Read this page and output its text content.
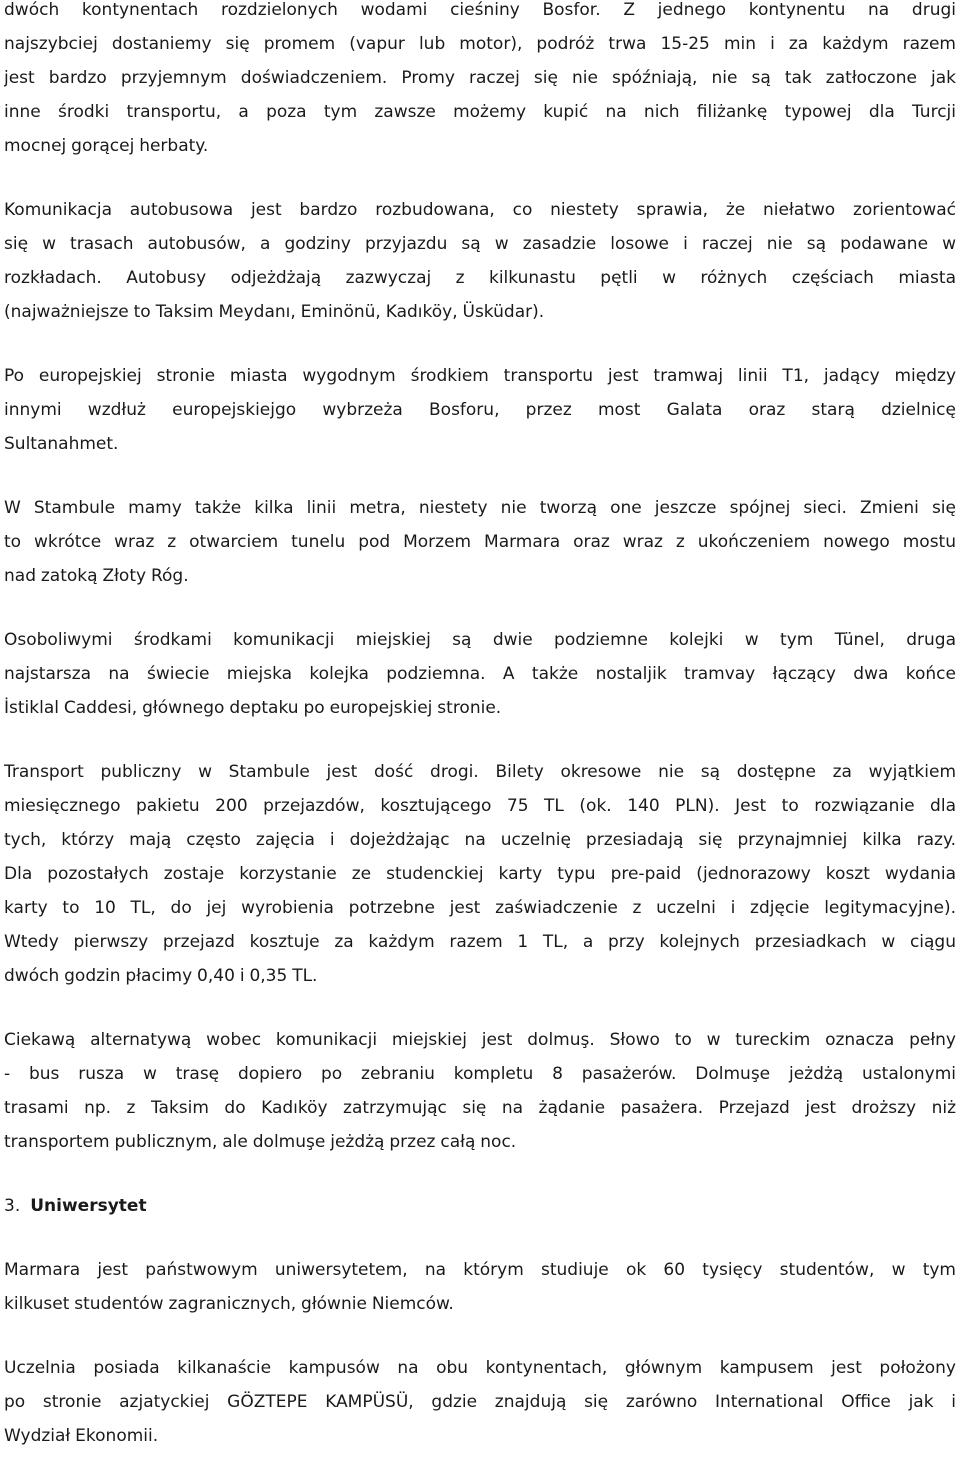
dwóch kontynentach rozdzielonych wodami cieśniny Bosfor. Z jednego kontynentu na drugi
najszybciej dostaniemy się promem (vapur lub motor), podróż trwa 15-25 min i za każdym razem
jest bardzo przyjemnym doświadczeniem. Promy raczej się nie spóźniają, nie są tak zatłoczone jak
inne środki transportu, a poza tym zawsze możemy kupić na nich filiżankę typowej dla Turcji
mocnej gorącej herbaty.

Komunikacja autobusowa jest bardzo rozbudowana, co niestety sprawia, że niełatwo zorientować
się w trasach autobusów, a godziny przyjazdu są w zasadzie losowe i raczej nie są podawane w
rozkładach. Autobusy odjeżdżają zazwyczaj z kilkunastu pętli w różnych częściach miasta
(najważniejsze to Taksim Meydanı, Eminönü, Kadıköy, Üsküdar).

Po europejskiej stronie miasta wygodnym środkiem transportu jest tramwaj linii T1, jadący między
innymi wzdłuż europejskiejgo wybrzeża Bosforu, przez most Galata oraz starą dzielnicę
Sultanahmet.

W Stambule mamy także kilka linii metra, niestety nie tworzą one jeszcze spójnej sieci. Zmieni się
to wkrótce wraz z otwarciem tunelu pod Morzem Marmara oraz wraz z ukończeniem nowego mostu
nad zatoką Złoty Róg.

Osoboliwymi środkami komunikacji miejskiej są dwie podziemne kolejki w tym Tünel, druga
najstarsza na świecie miejska kolejka podziemna. A także nostaljik tramvay łączący dwa końce
İstiklal Caddesi, głównego deptaku po europejskiej stronie.

Transport publiczny w Stambule jest dość drogi. Bilety okresowe nie są dostępne za wyjątkiem
miesięcznego pakietu 200 przejazdów, kosztującego 75 TL (ok. 140 PLN). Jest to rozwiązanie dla
tych, którzy mają często zajęcia i dojeżdżając na uczelnię przesiadają się przynajmniej kilka razy.
Dla pozostałych zostaje korzystanie ze studenckiej karty typu pre-paid (jednorazowy koszt wydania
karty to 10 TL, do jej wyrobienia potrzebne jest zaświadczenie z uczelni i zdjęcie legitymacyjne).
Wtedy pierwszy przejazd kosztuje za każdym razem 1 TL, a przy kolejnych przesiadkach w ciągu
dwóch godzin płacimy 0,40 i 0,35 TL.

Ciekawą alternatywą wobec komunikacji miejskiej jest dolmuş. Słowo to w tureckim oznacza pełny
- bus rusza w trasę dopiero po zebraniu kompletu 8 pasażerów. Dolmuşe jeżdżą ustalonymi
trasami np. z Taksim do Kadıköy zatrzymując się na żądanie pasażera. Przejazd jest droższy niż
transportem publicznym, ale dolmuşe jeżdżą przez całą noc.

3. Uniwersytet

Marmara jest państwowym uniwersytetem, na którym studiuje ok 60 tysięcy studentów, w tym
kilkuset studentów zagranicznych, głównie Niemców.

Uczelnia posiada kilkanaście kampusów na obu kontynentach, głównym kampusem jest położony
po stronie azjatyckiej GÖZTEPE KAMPÜSÜ, gdzie znajdują się zarówno International Office jak i
Wydział Ekonomii.
